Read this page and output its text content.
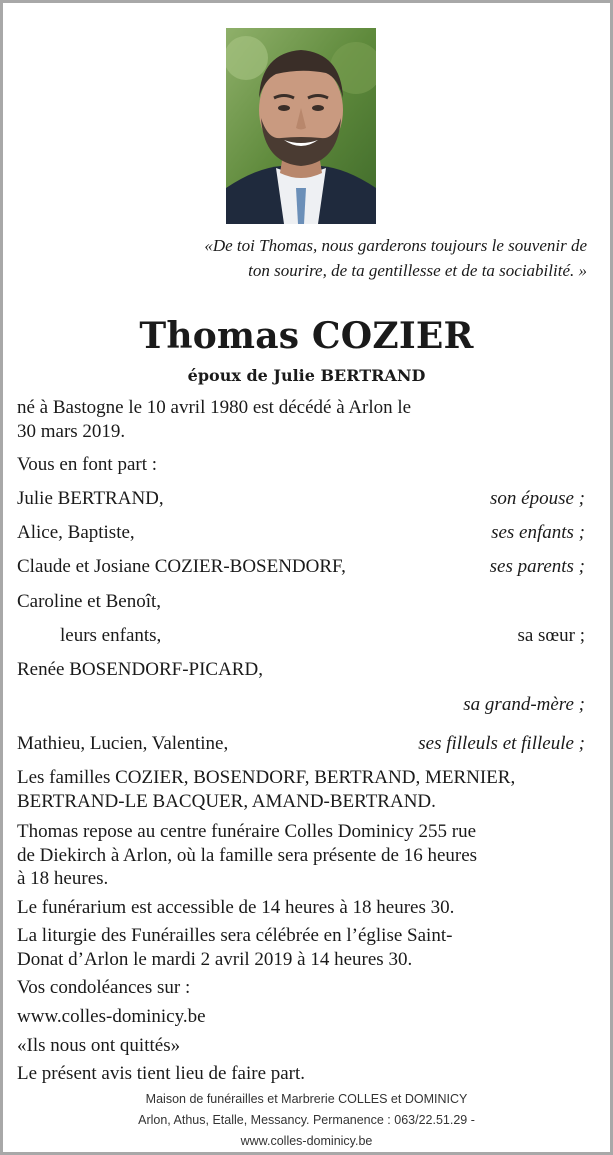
«De toi Thomas, nous garderons toujours le souvenir de
ton sourire, de ta gentillesse et de ta sociabilité. »
Thomas COZIER
époux de Julie BERTRAND
né à Bastogne le 10 avril 1980 est décédé à Arlon le
30 mars 2019.
Vous en font part :
Julie BERTRAND,	son épouse ;
Alice, Baptiste,	ses enfants ;
Claude et Josiane COZIER-BOSENDORF,	ses parents ;
Caroline et Benoît,
leurs enfants,	sa sœur ;
Renée BOSENDORF-PICARD,
sa grand-mère ;
Mathieu, Lucien, Valentine,	ses filleuls et filleule ;
Les familles COZIER, BOSENDORF, BERTRAND, MERNIER,
BERTRAND-LE BACQUER, AMAND-BERTRAND.
Thomas repose au centre funéraire Colles Dominicy 255 rue
de Diekirch à Arlon, où la famille sera présente de 16 heures
à 18 heures.
Le funérarium est accessible de 14 heures à 18 heures 30.
La liturgie des Funérailles sera célébrée en l’église Saint-
Donat d’Arlon le mardi 2 avril 2019 à 14 heures 30.
Vos condoléances sur :
www.colles-dominicy.be
«Ils nous ont quittés»
Le présent avis tient lieu de faire part.
Maison de funérailles et Marbrerie COLLES et DOMINICY
Arlon, Athus, Etalle, Messancy. Permanence : 063/22.51.29 -
www.colles-dominicy.be
